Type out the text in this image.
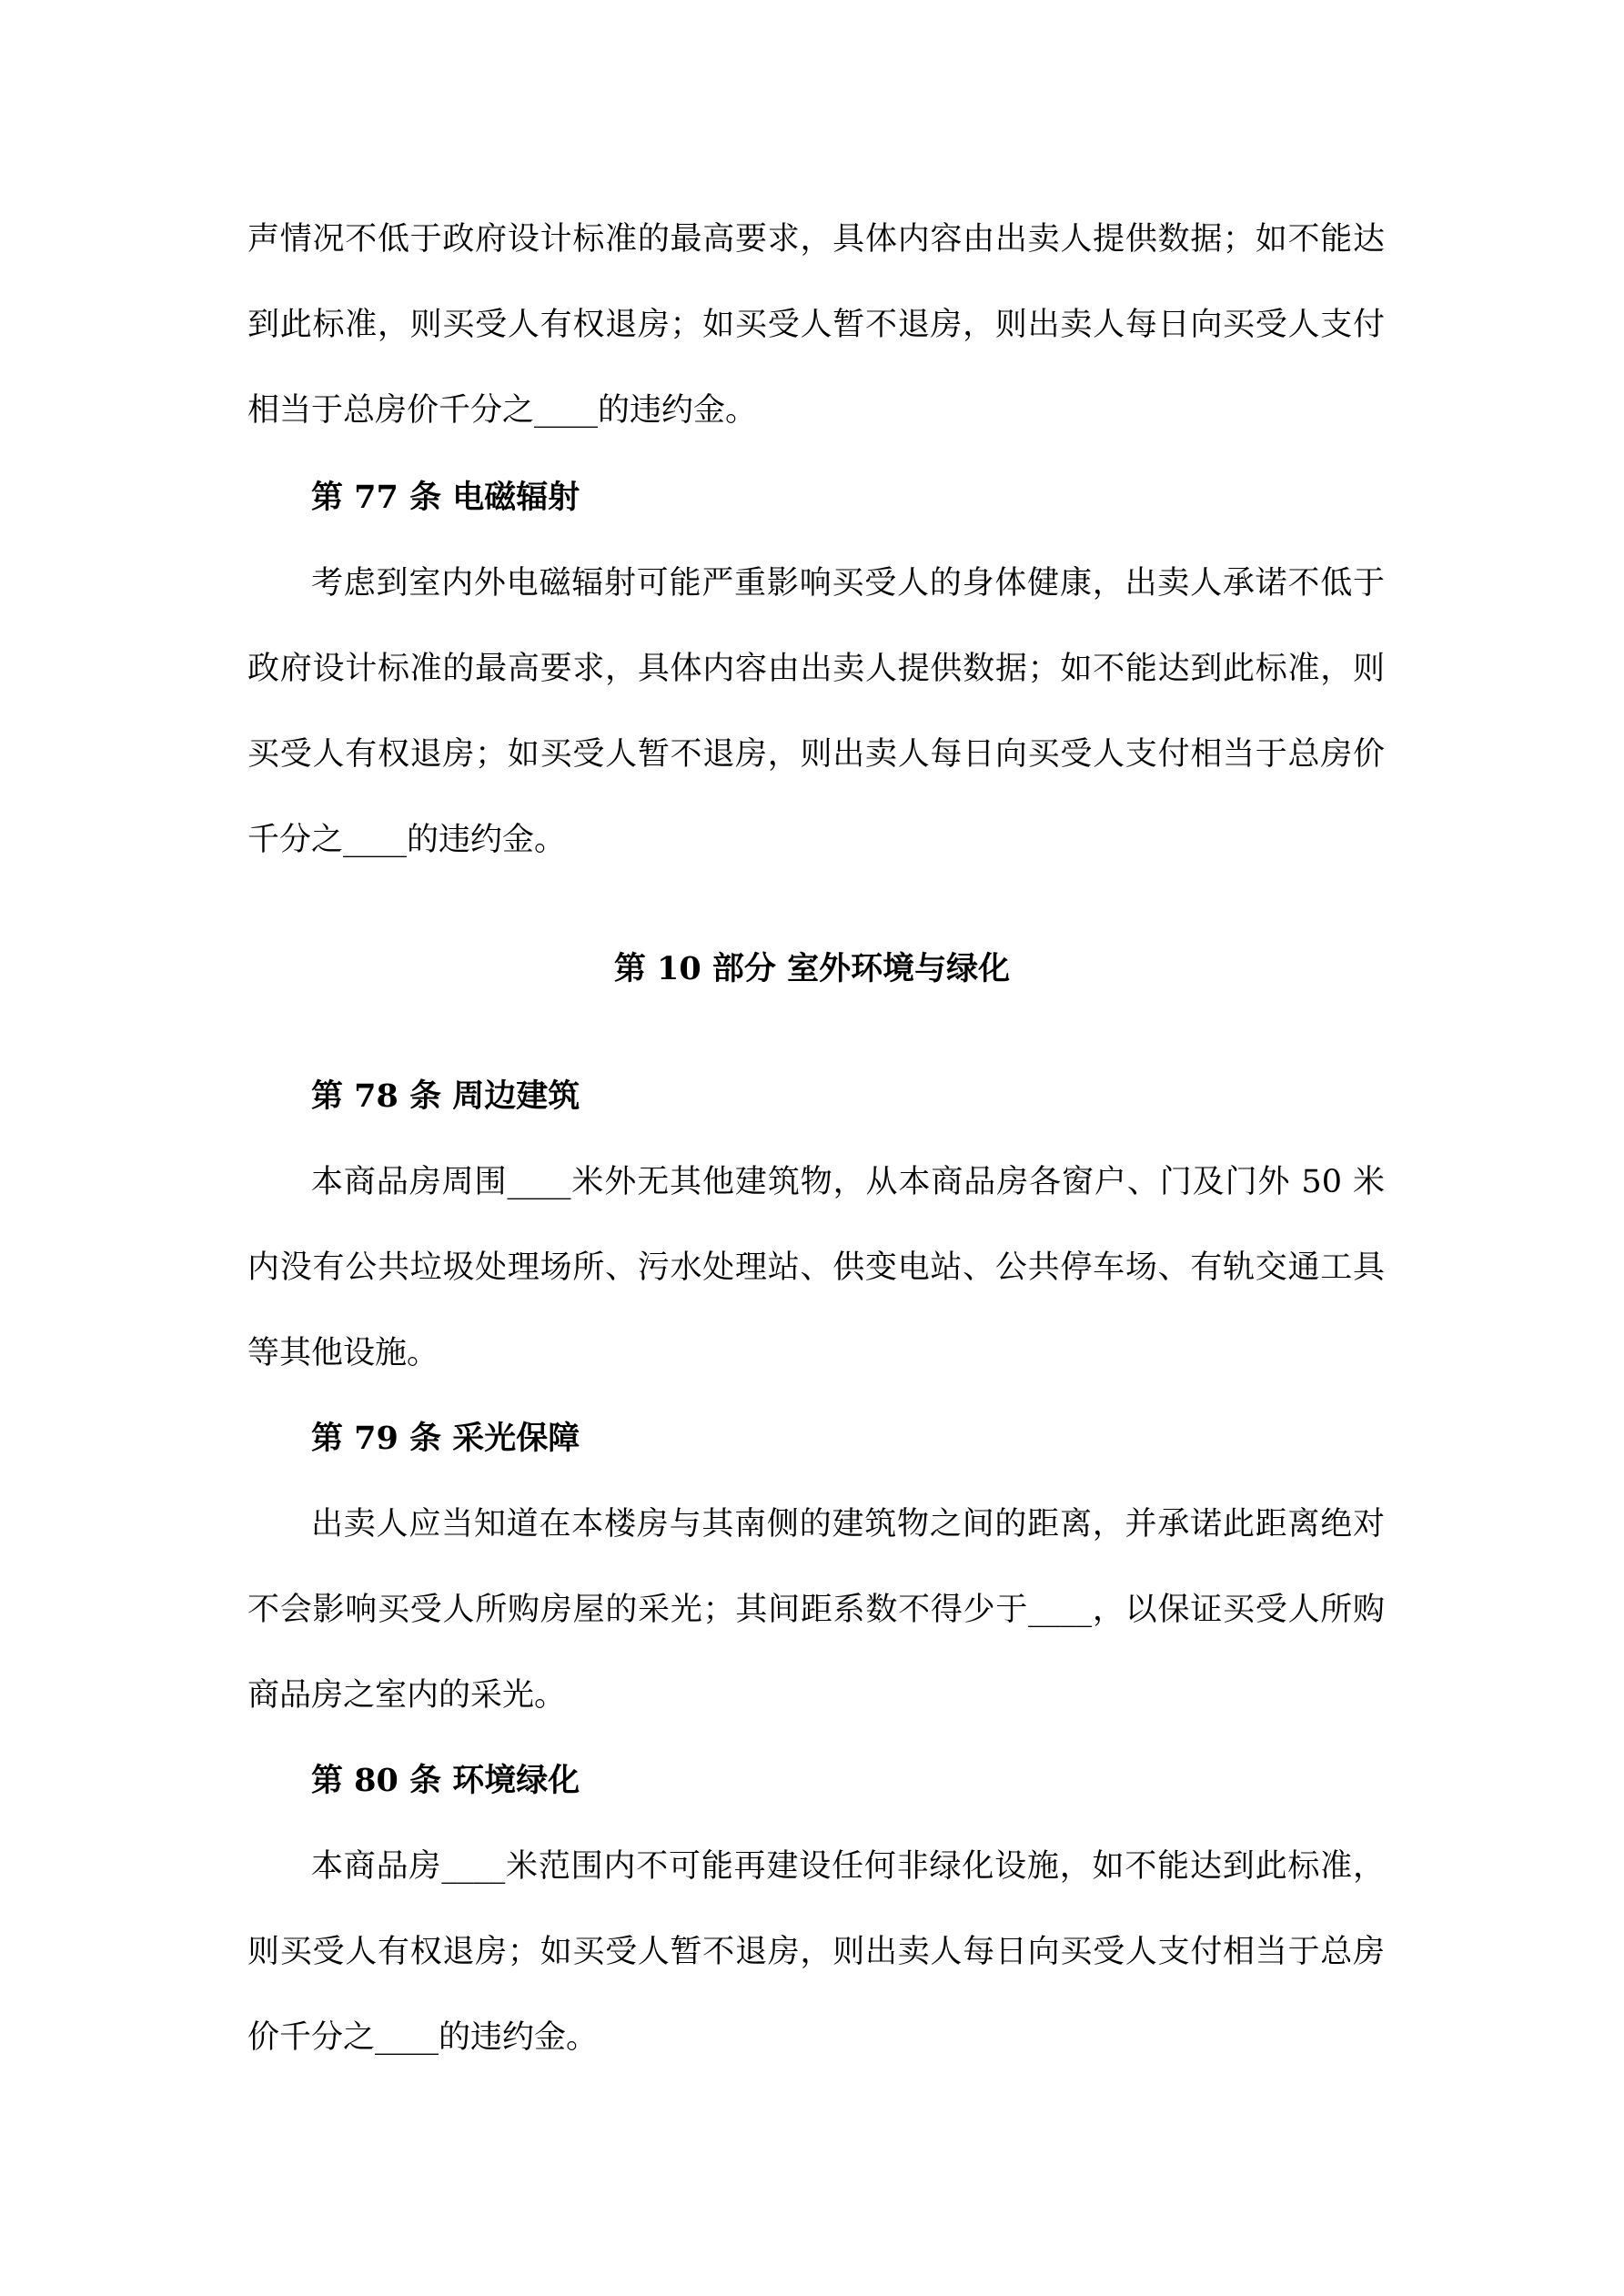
声情况不低于政府设计标准的最高要求，具体内容由出卖人提供数据；如不能达
到此标准，则买受人有权退房；如买受人暂不退房，则出卖人每日向买受人支付
相当于总房价千分之____的违约金。
第 77 条 电磁辐射
考虑到室内外电磁辐射可能严重影响买受人的身体健康，出卖人承诺不低于
政府设计标准的最高要求，具体内容由出卖人提供数据；如不能达到此标准，则
买受人有权退房；如买受人暂不退房，则出卖人每日向买受人支付相当于总房价
千分之____的违约金。
第 10 部分 室外环境与绿化
第 78 条 周边建筑
本商品房周围____米外无其他建筑物，从本商品房各窗户、门及门外 50 米
内没有公共垃圾处理场所、污水处理站、供变电站、公共停车场、有轨交通工具
等其他设施。
第 79 条 采光保障
出卖人应当知道在本楼房与其南侧的建筑物之间的距离，并承诺此距离绝对
不会影响买受人所购房屋的采光；其间距系数不得少于____，以保证买受人所购
商品房之室内的采光。
第 80 条 环境绿化
本商品房____米范围内不可能再建设任何非绿化设施，如不能达到此标准，
则买受人有权退房；如买受人暂不退房，则出卖人每日向买受人支付相当于总房
价千分之____的违约金。
